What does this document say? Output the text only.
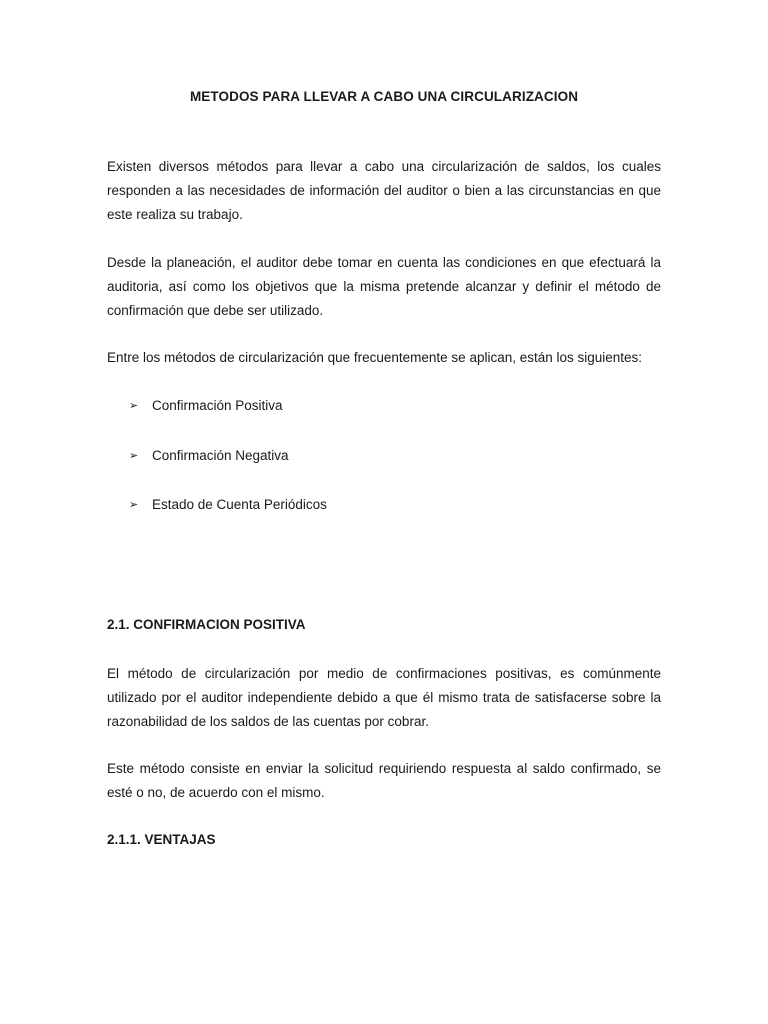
METODOS PARA LLEVAR A CABO UNA CIRCULARIZACION

Existen diversos métodos para llevar a cabo una circularización de saldos, los cuales responden a las necesidades de información del auditor o bien a las circunstancias en que este realiza su trabajo.

Desde la planeación, el auditor debe tomar en cuenta las condiciones en que efectuará la auditoria, así como los objetivos que la misma pretende alcanzar y definir el método de confirmación que debe ser utilizado.

Entre los métodos de circularización que frecuentemente se aplican, están los siguientes:

➢	Confirmación Positiva
➢	Confirmación Negativa
➢	Estado de Cuenta Periódicos
2.1. CONFIRMACION POSITIVA

El método de circularización por medio de confirmaciones positivas, es comúnmente utilizado por el auditor independiente debido a que él mismo trata de satisfacerse sobre la razonabilidad de los saldos de las cuentas por cobrar.

Este método consiste en enviar la solicitud requiriendo respuesta al saldo confirmado, se esté o no, de acuerdo con el mismo.

2.1.1. VENTAJAS
